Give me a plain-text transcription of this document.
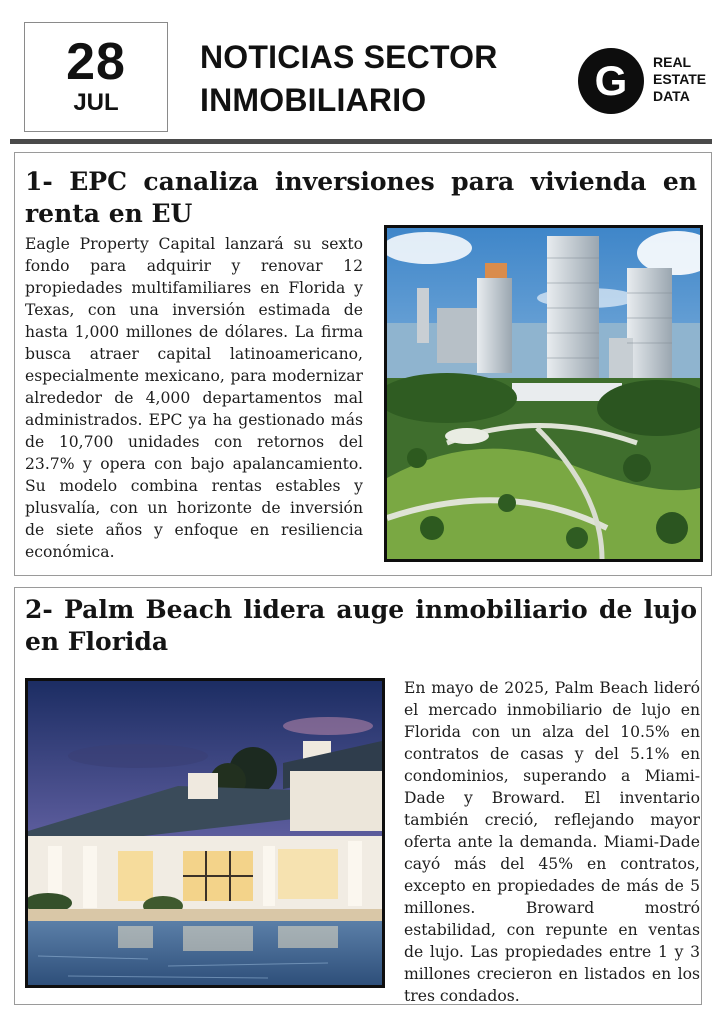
28
JUL
NOTICIAS SECTOR
INMOBILIARIO	G REAL
ESTATE
DATA
1- EPC canaliza inversiones para vivienda en renta en EU
Eagle Property Capital lanzará su sexto fondo para adquirir y renovar 12 propiedades multifamiliares en Florida y Texas, con una inversión estimada de hasta 1,000 millones de dólares. La firma busca atraer capital latinoamericano, especialmente mexicano, para modernizar alrededor de 4,000 departamentos mal administrados. EPC ya ha gestionado más de 10,700 unidades con retornos del 23.7% y opera con bajo apalancamiento. Su modelo combina rentas estables y plusvalía, con un horizonte de inversión de siete años y enfoque en resiliencia económica.
2- Palm Beach lidera auge inmobiliario de lujo en Florida
En mayo de 2025, Palm Beach lideró el mercado inmobiliario de lujo en Florida con un alza del 10.5% en contratos de casas y del 5.1% en condominios, superando a Miami-Dade y Broward. El inventario también creció, reflejando mayor oferta ante la demanda. Miami-Dade cayó más del 45% en contratos, excepto en propiedades de más de 5 millones. Broward mostró estabilidad, con repunte en ventas de lujo. Las propiedades entre 1 y 3 millones crecieron en listados en los tres condados.
